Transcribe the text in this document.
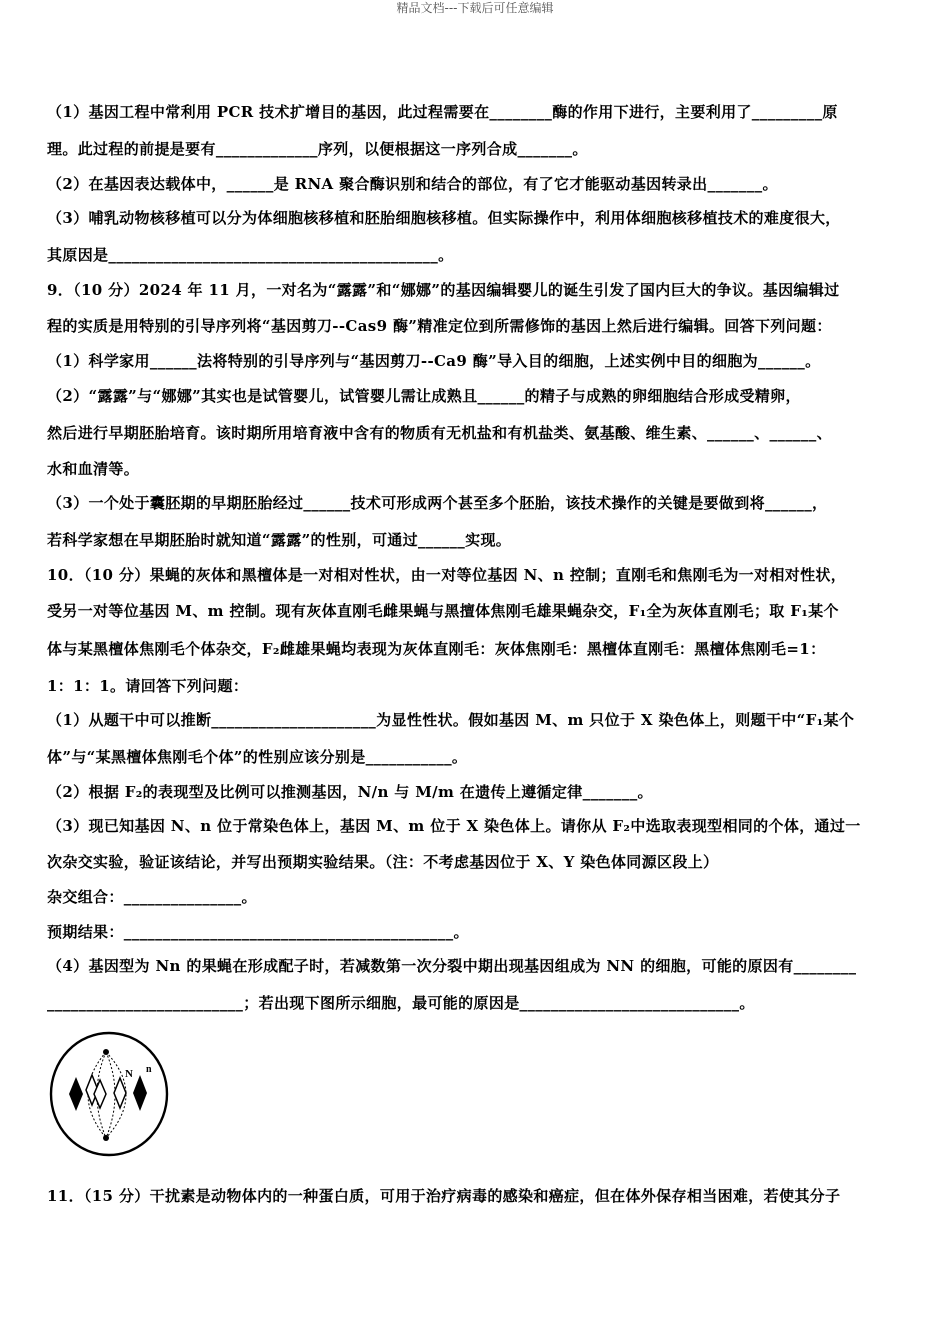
精品文档---下载后可任意编辑
（1）基因工程中常利用 PCR 技术扩增目的基因，此过程需要在________酶的作用下进行，主要利用了_________原
理。此过程的前提是要有_____________序列，以便根据这一序列合成_______。
（2）在基因表达载体中，______是 RNA 聚合酶识别和结合的部位，有了它才能驱动基因转录出_______。
（3）哺乳动物核移植可以分为体细胞核移植和胚胎细胞核移植。但实际操作中，利用体细胞核移植技术的难度很大，
其原因是__________________________________________。
9．（10 分）2024 年 11 月，一对名为“露露”和“娜娜”的基因编辑婴儿的诞生引发了国内巨大的争议。基因编辑过
程的实质是用特别的引导序列将“基因剪刀--Cas9 酶”精准定位到所需修饰的基因上然后进行编辑。回答下列问题：
（1）科学家用______法将特别的引导序列与“基因剪刀--Ca9 酶”导入目的细胞，上述实例中目的细胞为______。
（2）“露露”与“娜娜”其实也是试管婴儿，试管婴儿需让成熟且______的精子与成熟的卵细胞结合形成受精卵，
然后进行早期胚胎培育。该时期所用培育液中含有的物质有无机盐和有机盐类、氨基酸、维生素、______、______、
水和血清等。
（3）一个处于囊胚期的早期胚胎经过______技术可形成两个甚至多个胚胎，该技术操作的关键是要做到将______，
若科学家想在早期胚胎时就知道“露露”的性别，可通过______实现。
10．（10 分）果蝇的灰体和黑檀体是一对相对性状，由一对等位基因 N、n 控制；直刚毛和焦刚毛为一对相对性状，
受另一对等位基因 M、m 控制。现有灰体直刚毛雌果蝇与黑擅体焦刚毛雄果蝇杂交，F₁全为灰体直刚毛；取 F₁某个
体与某黑檀体焦刚毛个体杂交，F₂雌雄果蝇均表现为灰体直刚毛：灰体焦刚毛：黑檀体直刚毛：黑檀体焦刚毛=1：
1：1：1。请回答下列问题：
（1）从题干中可以推断_____________________为显性性状。假如基因 M、m 只位于 X 染色体上，则题干中“F₁某个
体”与“某黑檀体焦刚毛个体”的性别应该分别是___________。
（2）根据 F₂的表现型及比例可以推测基因，N/n 与 M/m 在遗传上遵循定律_______。
（3）现已知基因 N、n 位于常染色体上，基因 M、m 位于 X 染色体上。请你从 F₂中选取表现型相同的个体，通过一
次杂交实验，验证该结论，并写出预期实验结果。（注：不考虑基因位于 X、Y 染色体同源区段上）
杂交组合：_______________。
预期结果：__________________________________________。
（4）基因型为 Nn 的果蝇在形成配子时，若减数第一次分裂中期出现基因组成为 NN 的细胞，可能的原因有________
_________________________；若出现下图所示细胞，最可能的原因是____________________________。
N n
11．（15 分）干扰素是动物体内的一种蛋白质，可用于治疗病毒的感染和癌症，但在体外保存相当困难，若使其分子
